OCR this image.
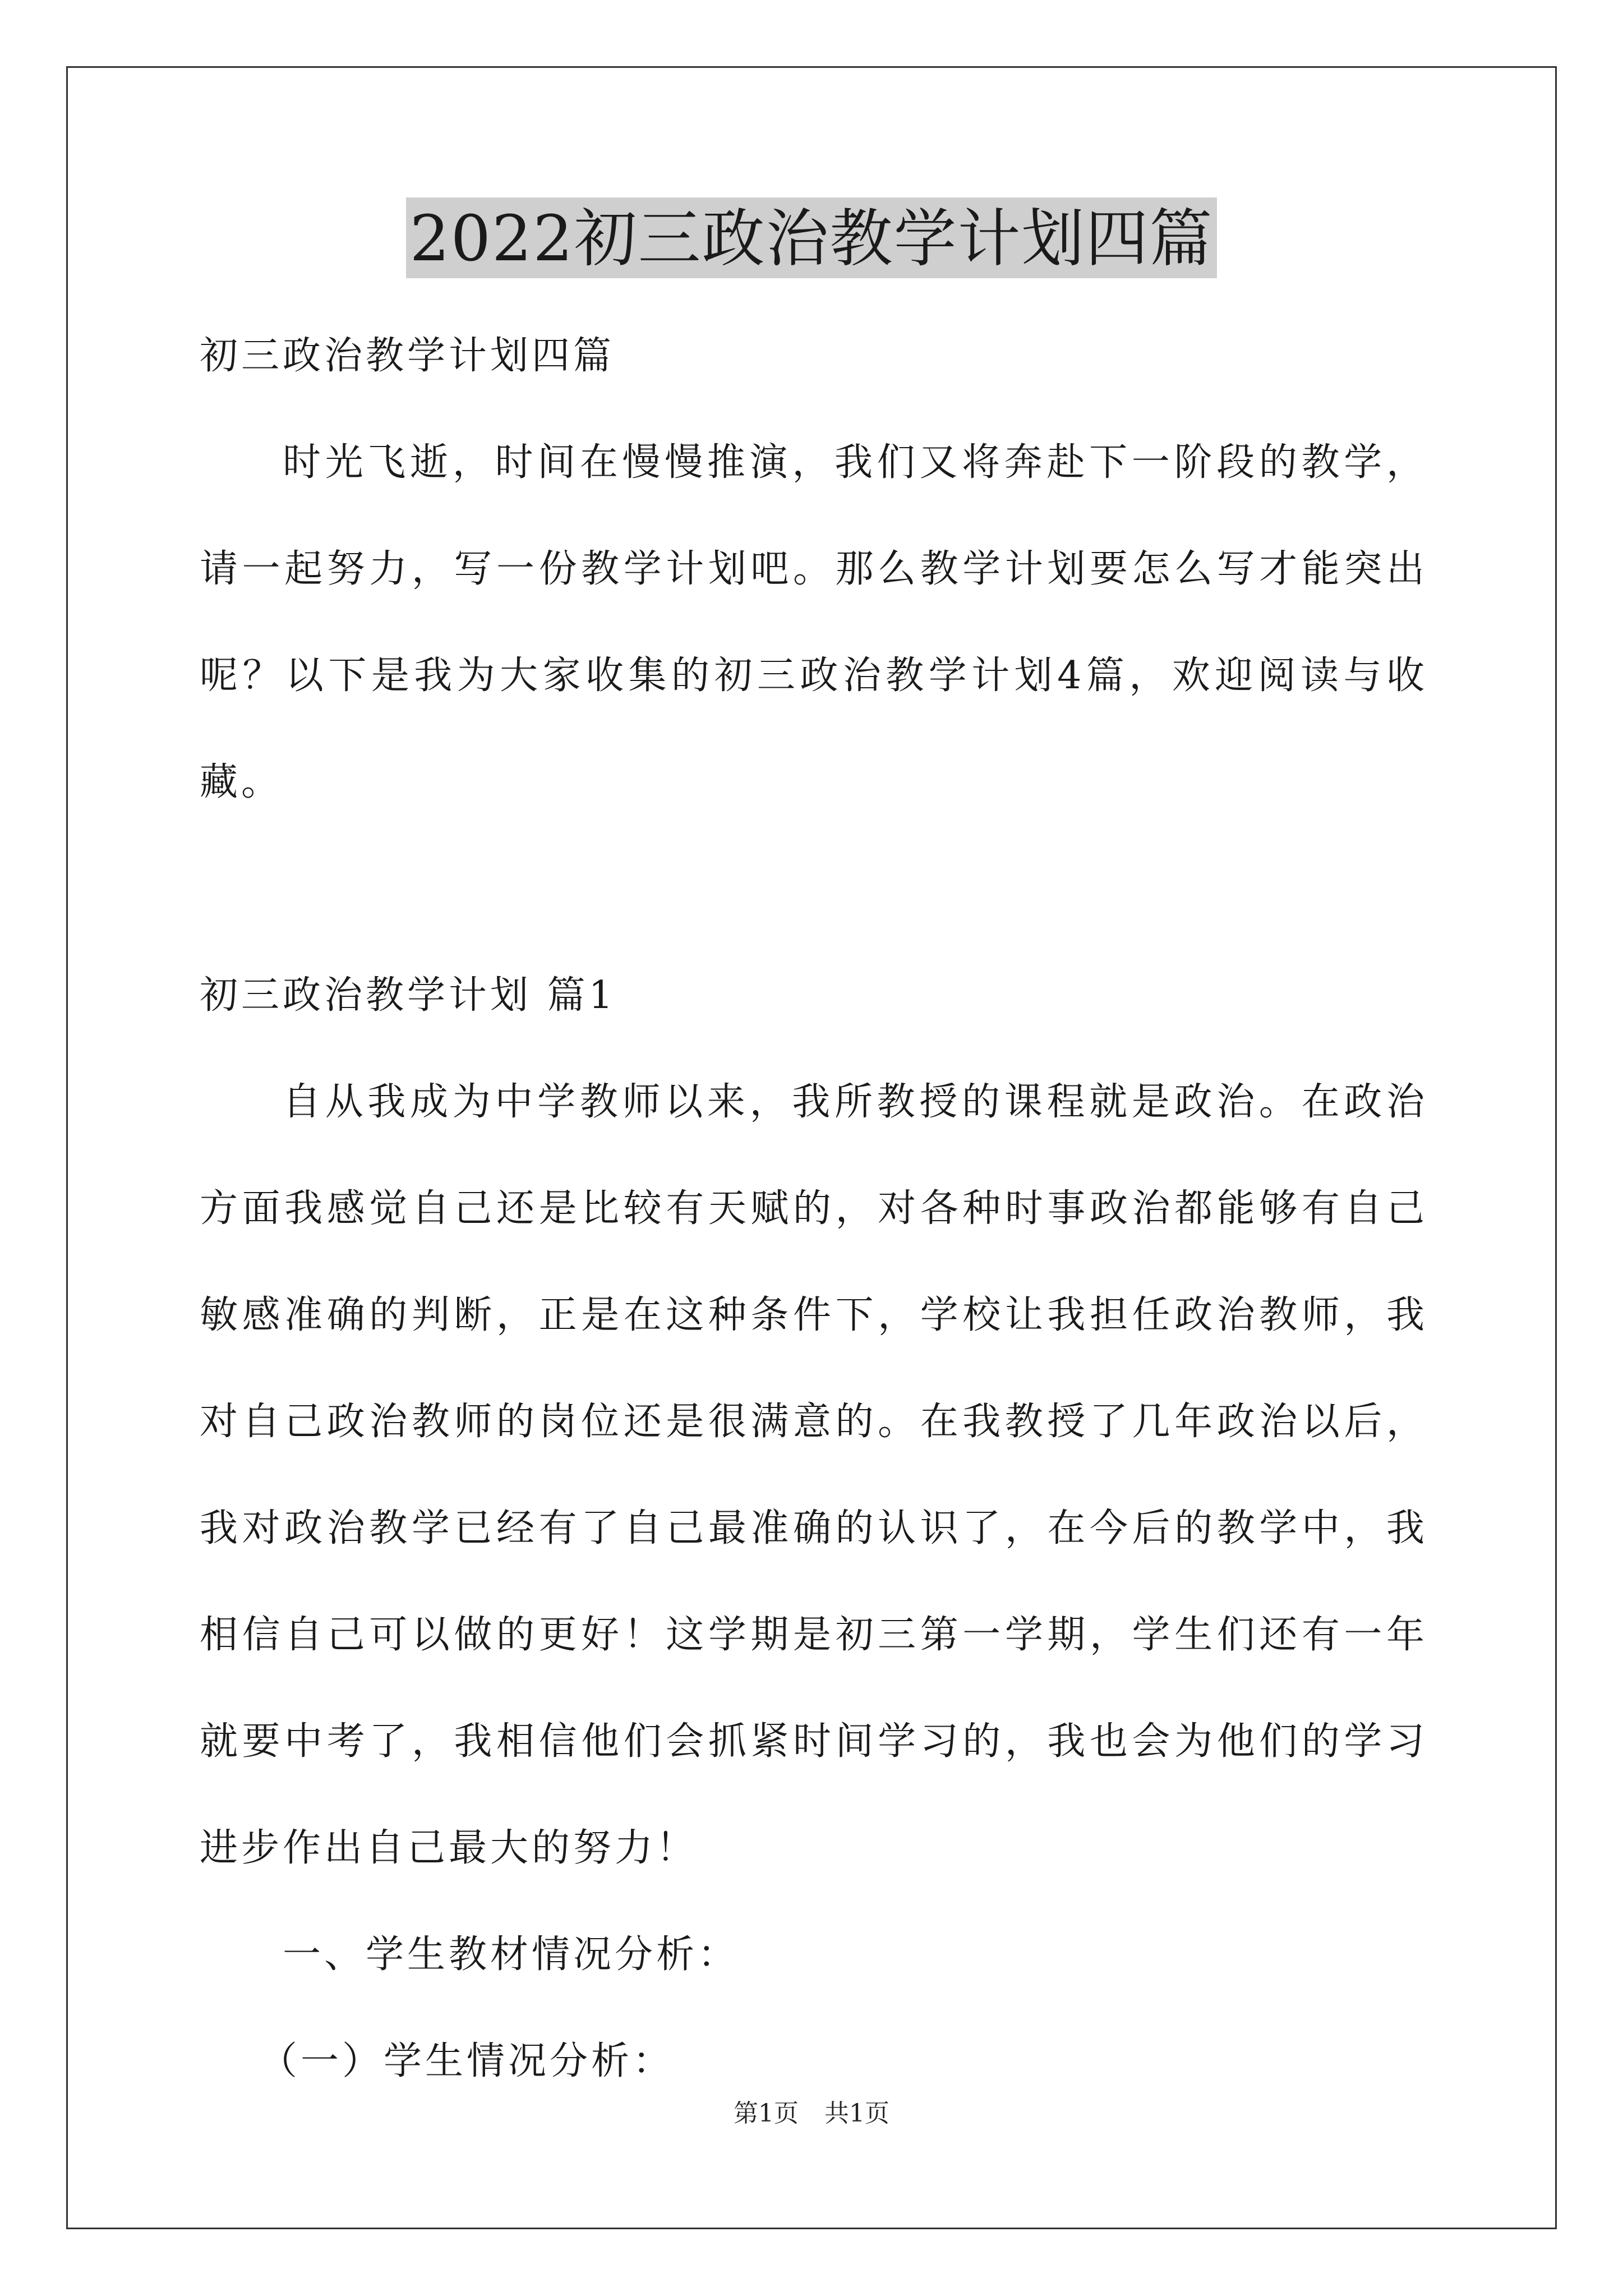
2022初三政治教学计划四篇

初三政治教学计划四篇

时光飞逝，时间在慢慢推演，我们又将奔赴下一阶段的教学，请一起努力，写一份教学计划吧。那么教学计划要怎么写才能突出呢？以下是我为大家收集的初三政治教学计划4篇，欢迎阅读与收藏。

初三政治教学计划 篇1

自从我成为中学教师以来，我所教授的课程就是政治。在政治方面我感觉自己还是比较有天赋的，对各种时事政治都能够有自己敏感准确的判断，正是在这种条件下，学校让我担任政治教师，我对自己政治教师的岗位还是很满意的。在我教授了几年政治以后，我对政治教学已经有了自己最准确的认识了，在今后的教学中，我相信自己可以做的更好！这学期是初三第一学期，学生们还有一年就要中考了，我相信他们会抓紧时间学习的，我也会为他们的学习进步作出自己最大的努力！

一、学生教材情况分析：

（一）学生情况分析：

第1页 共1页
